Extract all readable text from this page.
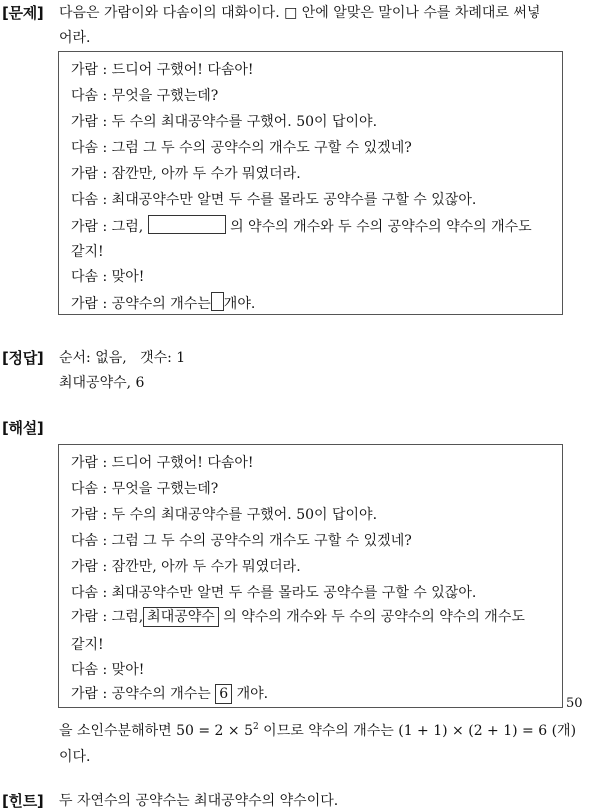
[문제] 다음은 가람이와 다솜이의 대화이다. □ 안에 알맞은 말이나 수를 차례대로 써넣
어라.
가람 : 드디어 구했어! 다솜아!
다솜 : 무엇을 구했는데?
가람 : 두 수의 최대공약수를 구했어. 50이 답이야.
다솜 : 그럼 그 두 수의 공약수의 개수도 구할 수 있겠네?
가람 : 잠깐만, 아까 두 수가 뭐였더라.
다솜 : 최대공약수만 알면 두 수를 몰라도 공약수를 구할 수 있잖아.
가람 : 그럼,	의 약수의 개수와 두 수의 공약수의 약수의 개수도
같지!
다솜 : 맞아!
가람 : 공약수의 개수는 개야.
[정답] 순서: 없음,   갯수: 1
최대공약수, 6
[해설]
가람 : 드디어 구했어! 다솜아!
다솜 : 무엇을 구했는데?
가람 : 두 수의 최대공약수를 구했어. 50이 답이야.
다솜 : 그럼 그 두 수의 공약수의 개수도 구할 수 있겠네?
가람 : 잠깐만, 아까 두 수가 뭐였더라.
다솜 : 최대공약수만 알면 두 수를 몰라도 공약수를 구할 수 있잖아.
가람 : 그럼, 최대공약수 의 약수의 개수와 두 수의 공약수의 약수의 개수도
같지!
다솜 : 맞아!
가람 : 공약수의 개수는 6 개야.
50
을 소인수분해하면 $50 = 2 \times 5^2$ 이므로 약수의 개수는 (1 + 1) × (2 + 1) = 6 (개)
이다.
[힌트] 두 자연수의 공약수는 최대공약수의 약수이다.
